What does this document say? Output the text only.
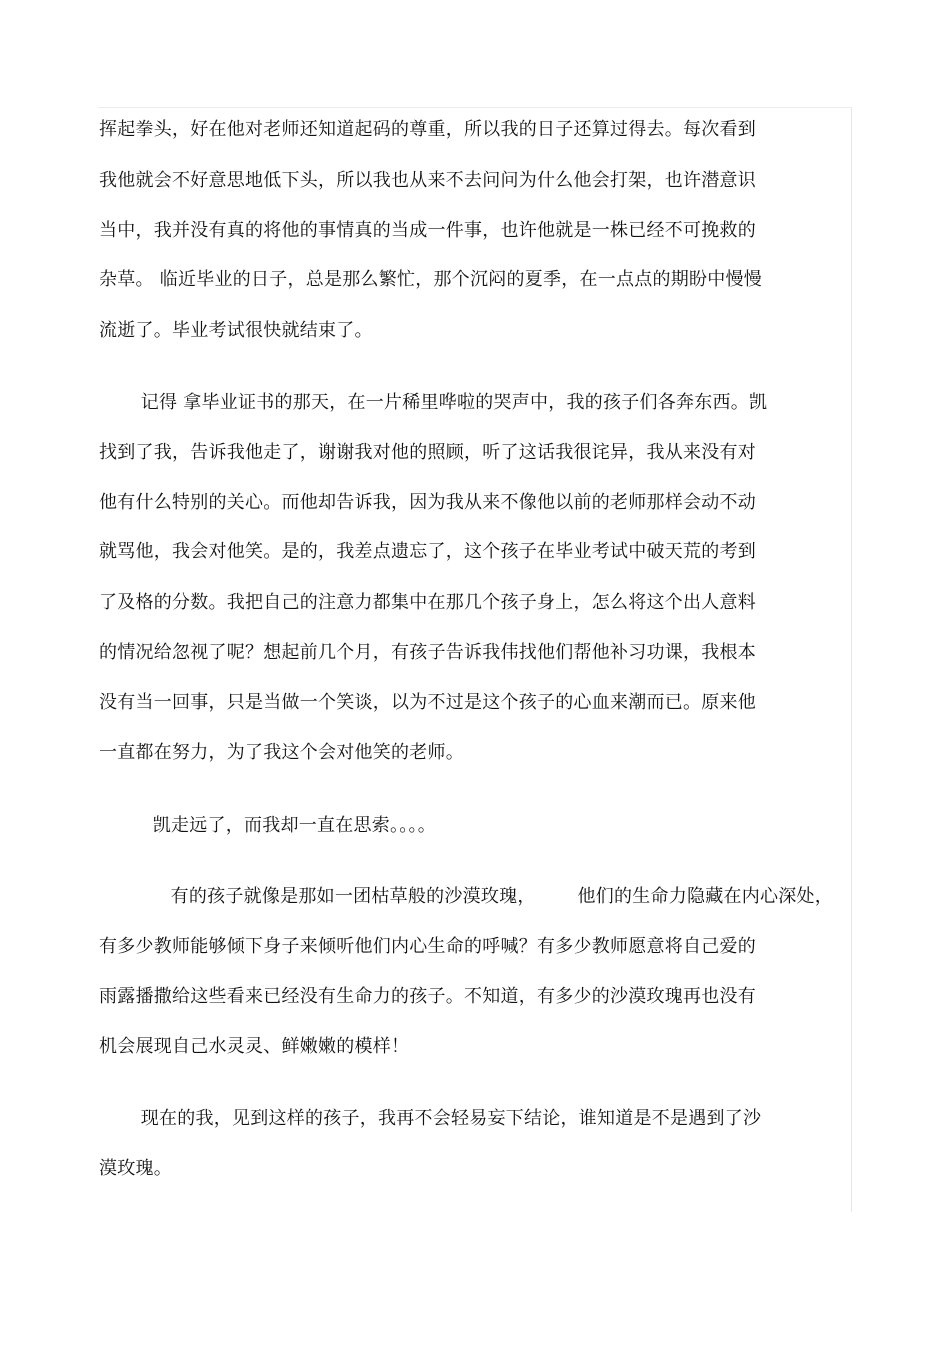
挥起拳头，好在他对老师还知道起码的尊重，所以我的日子还算过得去。每次看到
我他就会不好意思地低下头，所以我也从来不去问问为什么他会打架，也许潜意识
当中，我并没有真的将他的事情真的当成一件事，也许他就是一株已经不可挽救的
杂草。 临近毕业的日子，总是那么繁忙，那个沉闷的夏季，在一点点的期盼中慢慢
流逝了。毕业考试很快就结束了。
记得 拿毕业证书的那天，在一片稀里哗啦的哭声中，我的孩子们各奔东西。凯
找到了我，告诉我他走了，谢谢我对他的照顾，听了这话我很诧异，我从来没有对
他有什么特别的关心。而他却告诉我，因为我从来不像他以前的老师那样会动不动
就骂他，我会对他笑。是的，我差点遗忘了，这个孩子在毕业考试中破天荒的考到
了及格的分数。我把自己的注意力都集中在那几个孩子身上，怎么将这个出人意料
的情况给忽视了呢？想起前几个月，有孩子告诉我伟找他们帮他补习功课，我根本
没有当一回事，只是当做一个笑谈，以为不过是这个孩子的心血来潮而已。原来他
一直都在努力，为了我这个会对他笑的老师。
凯走远了，而我却一直在思索。。。。
有的孩子就像是那如一团枯草般的沙漠玫瑰，       他们的生命力隐藏在内心深处，
有多少教师能够倾下身子来倾听他们内心生命的呼喊？有多少教师愿意将自己爱的
雨露播撒给这些看来已经没有生命力的孩子。不知道，有多少的沙漠玫瑰再也没有
机会展现自己水灵灵、鲜嫩嫩的模样！
现在的我，见到这样的孩子，我再不会轻易妄下结论，谁知道是不是遇到了沙
漠玫瑰。
